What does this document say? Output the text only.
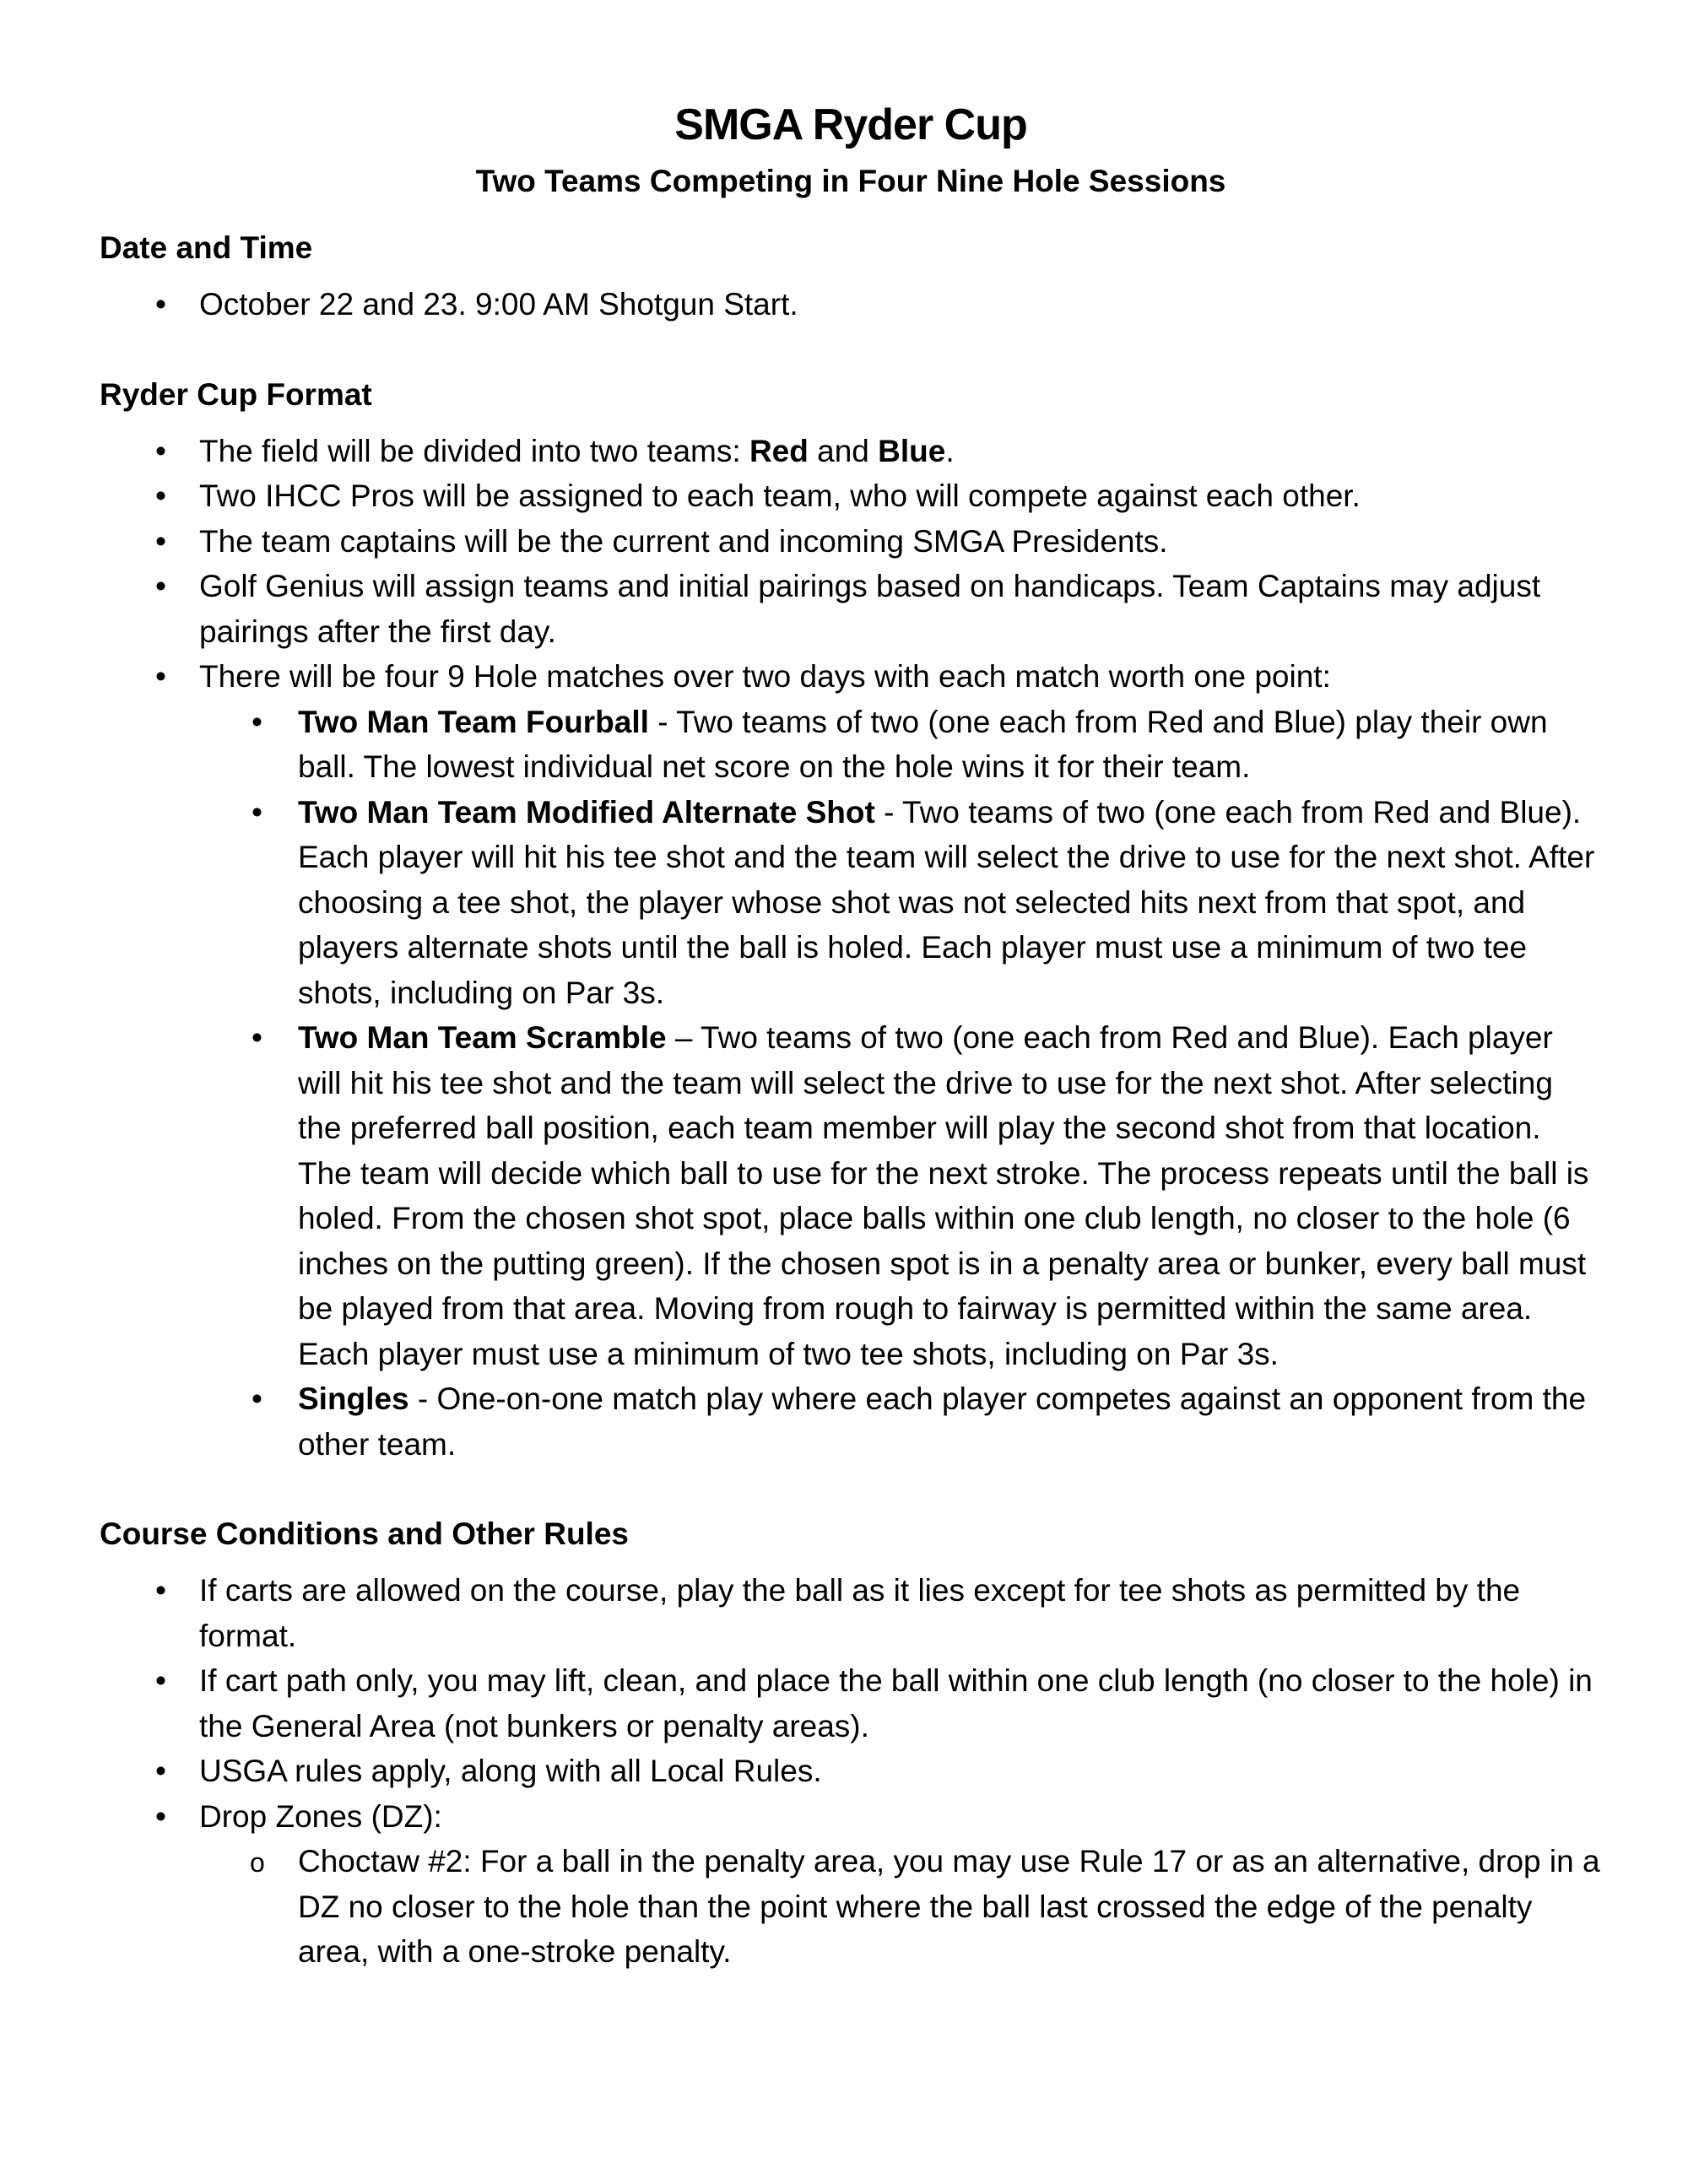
SMGA Ryder Cup
Two Teams Competing in Four Nine Hole Sessions
Date and Time
• October 22 and 23. 9:00 AM Shotgun Start.
Ryder Cup Format
• The field will be divided into two teams: Red and Blue.
• Two IHCC Pros will be assigned to each team, who will compete against each other.
• The team captains will be the current and incoming SMGA Presidents.
• Golf Genius will assign teams and initial pairings based on handicaps. Team Captains may adjust pairings after the first day.
• There will be four 9 Hole matches over two days with each match worth one point:
• Two Man Team Fourball - Two teams of two (one each from Red and Blue) play their own ball. The lowest individual net score on the hole wins it for their team.
• Two Man Team Modified Alternate Shot - Two teams of two (one each from Red and Blue). Each player will hit his tee shot and the team will select the drive to use for the next shot. After choosing a tee shot, the player whose shot was not selected hits next from that spot, and players alternate shots until the ball is holed. Each player must use a minimum of two tee shots, including on Par 3s.
• Two Man Team Scramble – Two teams of two (one each from Red and Blue). Each player will hit his tee shot and the team will select the drive to use for the next shot. After selecting the preferred ball position, each team member will play the second shot from that location. The team will decide which ball to use for the next stroke. The process repeats until the ball is holed. From the chosen shot spot, place balls within one club length, no closer to the hole (6 inches on the putting green). If the chosen spot is in a penalty area or bunker, every ball must be played from that area. Moving from rough to fairway is permitted within the same area. Each player must use a minimum of two tee shots, including on Par 3s.
• Singles - One-on-one match play where each player competes against an opponent from the other team.
Course Conditions and Other Rules
• If carts are allowed on the course, play the ball as it lies except for tee shots as permitted by the format.
• If cart path only, you may lift, clean, and place the ball within one club length (no closer to the hole) in the General Area (not bunkers or penalty areas).
• USGA rules apply, along with all Local Rules.
• Drop Zones (DZ):
o Choctaw #2: For a ball in the penalty area, you may use Rule 17 or as an alternative, drop in a DZ no closer to the hole than the point where the ball last crossed the edge of the penalty area, with a one-stroke penalty.
